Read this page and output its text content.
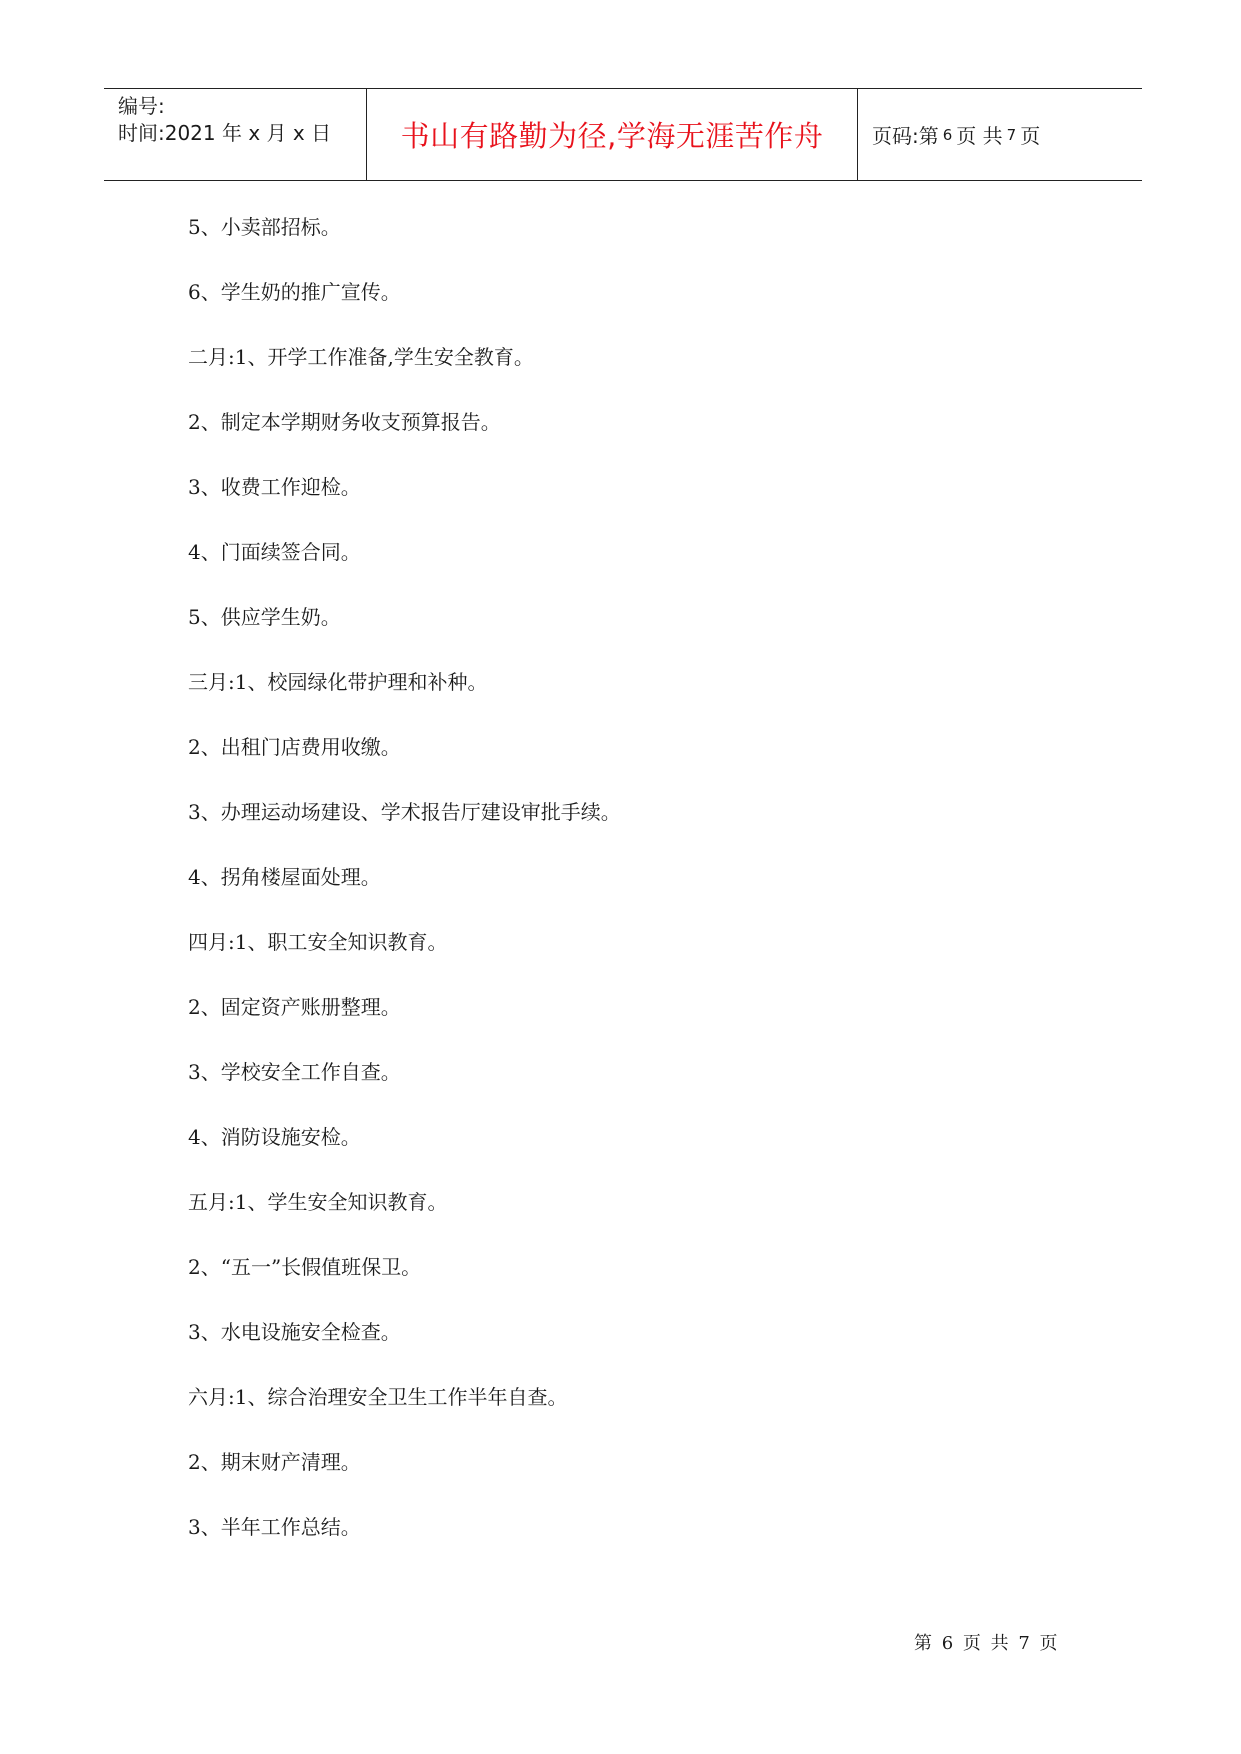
编号:
时间:2021 年 x 月 x 日 书山有路勤为径,学海无涯苦作舟 页码:第 6 页 共 7 页
5、小卖部招标。
6、学生奶的推广宣传。
二月:1、开学工作准备,学生安全教育。
2、制定本学期财务收支预算报告。
3、收费工作迎检。
4、门面续签合同。
5、供应学生奶。
三月:1、校园绿化带护理和补种。
2、出租门店费用收缴。
3、办理运动场建设、学术报告厅建设审批手续。
4、拐角楼屋面处理。
四月:1、职工安全知识教育。
2、固定资产账册整理。
3、学校安全工作自查。
4、消防设施安检。
五月:1、学生安全知识教育。
2、“五一”长假值班保卫。
3、水电设施安全检查。
六月:1、综合治理安全卫生工作半年自查。
2、期末财产清理。
3、半年工作总结。
第 6 页 共 7 页
